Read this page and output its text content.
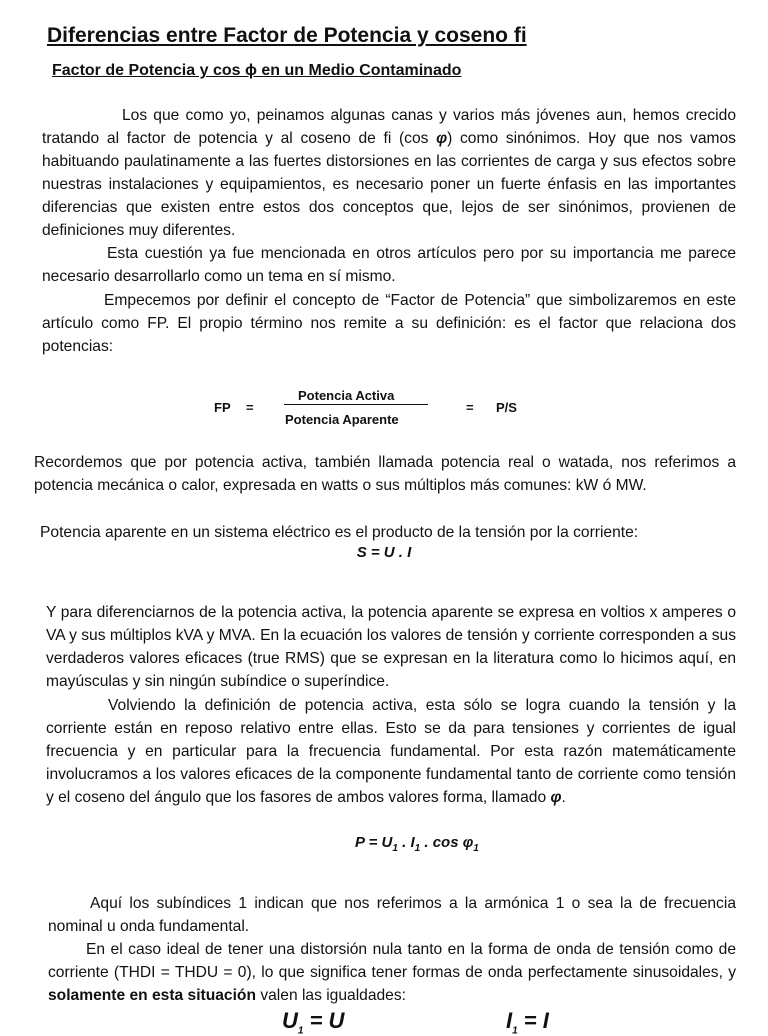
Diferencias entre Factor de Potencia y coseno fi
Factor de Potencia y cos ϕ en un Medio Contaminado
Los que como yo, peinamos algunas canas y varios más jóvenes aun, hemos crecido tratando al factor de potencia y al coseno de fi (cos φ) como sinónimos. Hoy que nos vamos habituando paulatinamente a las fuertes distorsiones en las corrientes de carga y sus efectos sobre nuestras instalaciones y equipamientos, es necesario poner un fuerte énfasis en las importantes diferencias que existen entre estos dos conceptos que, lejos de ser sinónimos, provienen de definiciones muy diferentes.
Esta cuestión ya fue mencionada en otros artículos pero por su importancia me parece necesario desarrollarlo como un tema en sí mismo.
Empecemos por definir el concepto de “Factor de Potencia” que simbolizaremos en este artículo como FP. El propio término nos remite a su definición: es el factor que relaciona dos potencias:
FP =
Potencia Activa
Potencia Aparente
= P/S
Recordemos que por potencia activa, también llamada potencia real o watada, nos referimos a potencia mecánica o calor, expresada en watts o sus múltiplos más comunes: kW ó MW.
Potencia aparente en un sistema eléctrico es el producto de la tensión por la corriente:
S = U . I
Y para diferenciarnos de la potencia activa, la potencia aparente se expresa en voltios x amperes o VA y sus múltiplos kVA y MVA. En la ecuación los valores de tensión y corriente corresponden a sus verdaderos valores eficaces (true RMS) que se expresan en la literatura como lo hicimos aquí, en mayúsculas y sin ningún subíndice o superíndice.
Volviendo la definición de potencia activa, esta sólo se logra cuando la tensión y la corriente están en reposo relativo entre ellas. Esto se da para tensiones y corrientes de igual frecuencia y en particular para la frecuencia fundamental. Por esta razón matemáticamente involucramos a los valores eficaces de la componente fundamental tanto de corriente como tensión y el coseno del ángulo que los fasores de ambos valores forma, llamado φ.
$P = U_1$ . $I_1$ . $\cos \varphi_1$
Aquí los subíndices 1 indican que nos referimos a la armónica 1 o sea la de frecuencia nominal u onda fundamental.
En el caso ideal de tener una distorsión nula tanto en la forma de onda de tensión como de corriente (THDI = THDU = 0), lo que significa tener formas de onda perfectamente sinusoidales, y solamente en esta situación valen las igualdades:
$U_1 = U$	$I_1 = I$
